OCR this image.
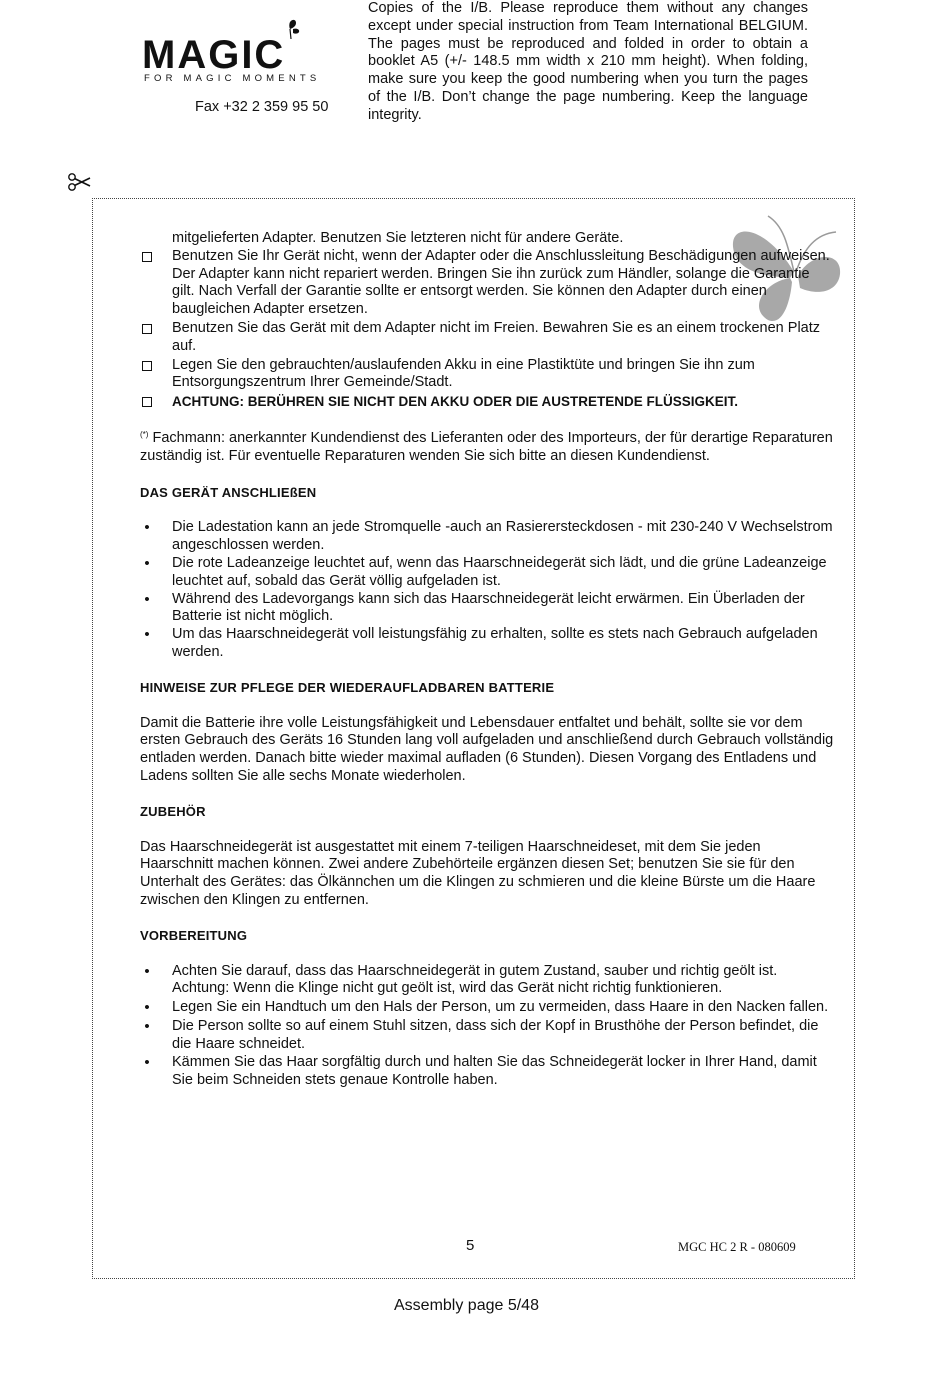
MAGIC
FOR MAGIC MOMENTS
Fax +32 2 359 95 50
Copies of the I/B. Please reproduce them without any changes except under special instruction from Team International BELGIUM. The pages must be reproduced and folded in order to obtain a booklet A5 (+/- 148.5 mm width x 210 mm height). When folding, make sure you keep the good numbering when you turn the pages of the I/B. Don’t change the page numbering. Keep the language integrity.

mitgelieferten Adapter. Benutzen Sie letzteren nicht für andere Geräte.

Benutzen Sie Ihr Gerät nicht, wenn der Adapter oder die Anschlussleitung Beschädigungen aufweisen. Der Adapter kann nicht repariert werden. Bringen Sie ihn zurück zum Händler, solange die Garantie gilt. Nach Verfall der Garantie sollte er entsorgt werden. Sie können den Adapter durch einen baugleichen Adapter ersetzen.

Benutzen Sie das Gerät mit dem Adapter nicht im Freien. Bewahren Sie es an einem trockenen Platz auf.

Legen Sie den gebrauchten/auslaufenden Akku in eine Plastiktüte und bringen Sie ihn zum Entsorgungszentrum Ihrer Gemeinde/Stadt.

ACHTUNG: BERÜHREN SIE NICHT DEN AKKU ODER DIE AUSTRETENDE FLÜSSIGKEIT.

(*) Fachmann: anerkannter Kundendienst des Lieferanten oder des Importeurs, der für derartige Reparaturen zuständig ist. Für eventuelle Reparaturen wenden Sie sich bitte an diesen Kundendienst.

DAS GERÄT ANSCHLIEßEN

•	Die Ladestation kann an jede Stromquelle -auch an Rasierersteckdosen - mit 230-240 V Wechselstrom angeschlossen werden.

•	Die rote Ladeanzeige leuchtet auf, wenn das Haarschneidegerät sich lädt, und die grüne Ladeanzeige leuchtet auf, sobald das Gerät völlig aufgeladen ist.

•	Während des Ladevorgangs kann sich das Haarschneidegerät leicht erwärmen. Ein Überladen der Batterie ist nicht möglich.

•	Um das Haarschneidegerät voll leistungsfähig zu erhalten, sollte es stets nach Gebrauch aufgeladen werden.

HINWEISE ZUR PFLEGE DER WIEDERAUFLADBAREN BATTERIE

Damit die Batterie ihre volle Leistungsfähigkeit und Lebensdauer entfaltet und behält, sollte sie vor dem ersten Gebrauch des Geräts 16 Stunden lang voll aufgeladen und anschließend durch Gebrauch vollständig entladen werden. Danach bitte wieder maximal aufladen (6 Stunden). Diesen Vorgang des Entladens und Ladens sollten Sie alle sechs Monate wiederholen.

ZUBEHÖR

Das Haarschneidegerät ist ausgestattet mit einem 7-teiligen Haarschneideset, mit dem Sie jeden Haarschnitt machen können. Zwei andere Zubehörteile ergänzen diesen Set; benutzen Sie sie für den Unterhalt des Gerätes: das Ölkännchen um die Klingen zu schmieren und die kleine Bürste um die Haare zwischen den Klingen zu entfernen.

VORBEREITUNG

•	Achten Sie darauf, dass das Haarschneidegerät in gutem Zustand, sauber und richtig geölt ist. Achtung: Wenn die Klinge nicht gut geölt ist, wird das Gerät nicht richtig funktionieren.

•	Legen Sie ein Handtuch um den Hals der Person, um zu vermeiden, dass Haare in den Nacken fallen.

•	Die Person sollte so auf einem Stuhl sitzen, dass sich der Kopf in Brusthöhe der Person befindet, die die Haare schneidet.

•	Kämmen Sie das Haar sorgfältig durch und halten Sie das Schneidegerät locker in Ihrer Hand, damit Sie beim Schneiden stets genaue Kontrolle haben.

5	MGC HC 2 R - 080609
Assembly page 5/48
